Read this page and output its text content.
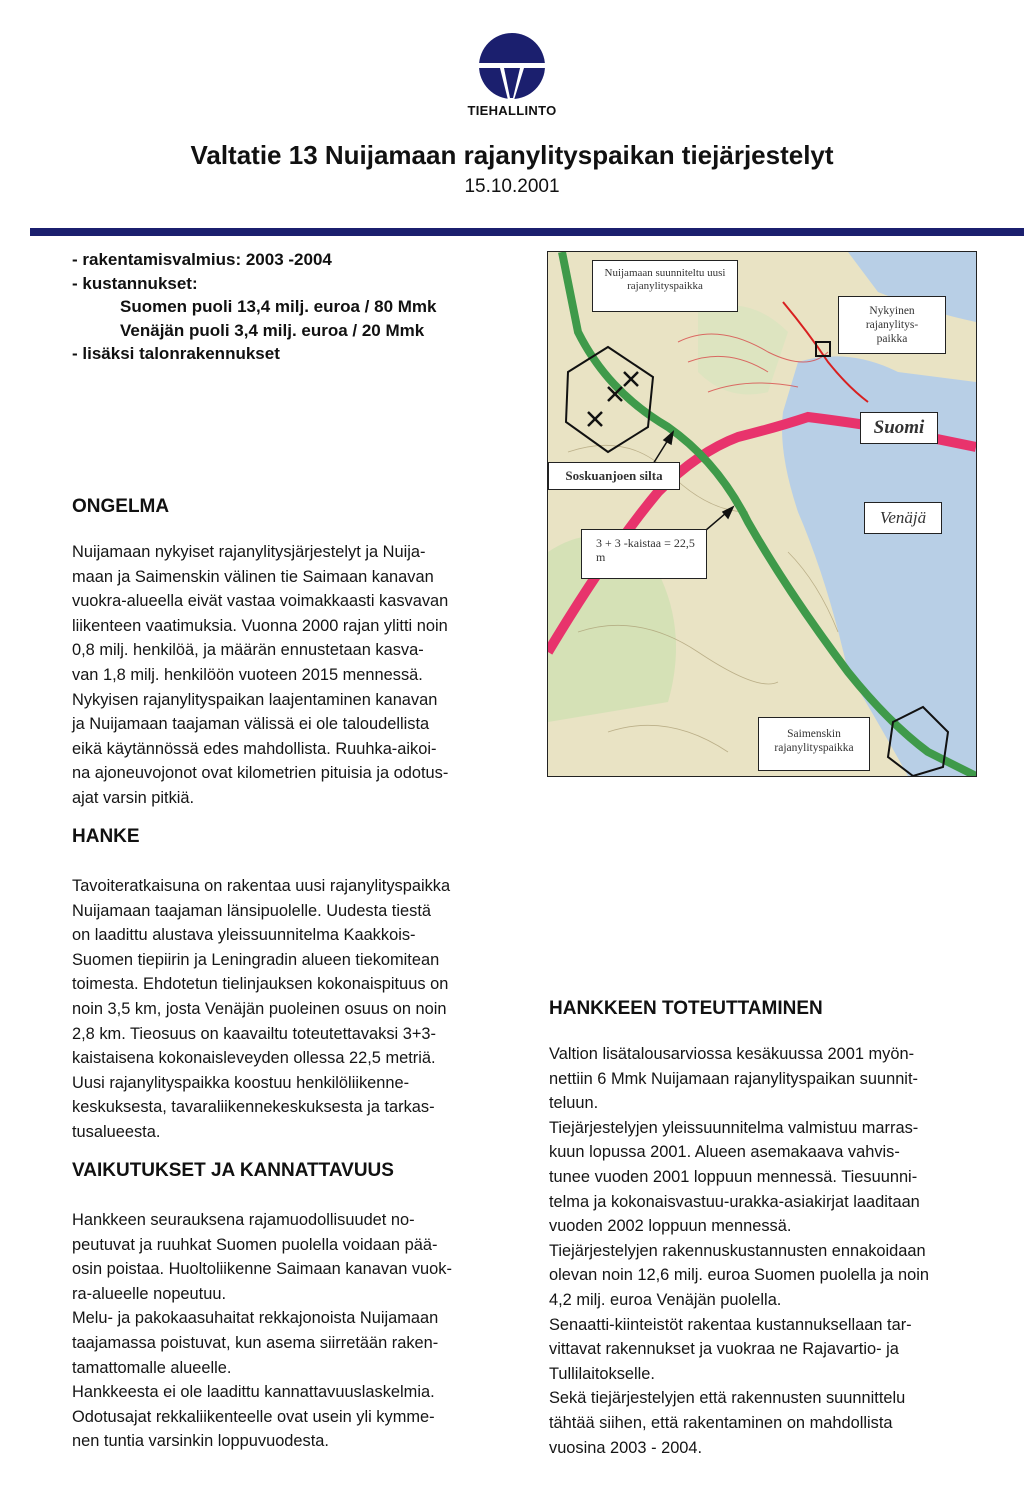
TIEHALLINTO
Valtatie 13 Nuijamaan rajanylityspaikan tiejärjestelyt
15.10.2001
- rakentamisvalmius: 2003 -2004
- kustannukset:
Suomen puoli 13,4 milj. euroa / 80 Mmk
Venäjän puoli 3,4 milj. euroa / 20 Mmk
- lisäksi talonrakennukset
Nuijamaan suunniteltu uusi rajanylityspaikka
Nykyinen rajanylitys-paikka
Suomi
Soskuanjoen silta
Venäjä
3 + 3 -kaistaa = 22,5 m
Saimenskin rajanylityspaikka
ONGELMA
Nuijamaan nykyiset rajanylitysjärjestelyt ja Nuija-
maan ja Saimenskin välinen tie Saimaan kanavan
vuokra-alueella eivät vastaa voimakkaasti kasvavan
liikenteen vaatimuksia. Vuonna 2000 rajan ylitti noin
0,8 milj. henkilöä, ja määrän ennustetaan kasva-
van 1,8 milj. henkilöön vuoteen 2015 mennessä.
Nykyisen rajanylityspaikan laajentaminen kanavan
ja Nuijamaan taajaman välissä ei ole taloudellista
eikä käytännössä edes mahdollista. Ruuhka-aikoi-
na ajoneuvojonot ovat kilometrien pituisia ja odotus-
ajat varsin pitkiä.
HANKE
Tavoiteratkaisuna on rakentaa uusi rajanylityspaikka
Nuijamaan taajaman länsipuolelle. Uudesta tiestä
on laadittu alustava yleissuunnitelma Kaakkois-
Suomen tiepiirin ja Leningradin alueen tiekomitean
toimesta. Ehdotetun tielinjauksen kokonaispituus on
noin 3,5 km, josta Venäjän puoleinen osuus on noin
2,8 km. Tieosuus on kaavailtu toteutettavaksi 3+3-
kaistaisena kokonaisleveyden ollessa 22,5 metriä.
Uusi rajanylityspaikka koostuu henkilöliikenne-
keskuksesta, tavaraliikennekeskuksesta ja tarkas-
tusalueesta.
VAIKUTUKSET JA KANNATTAVUUS
Hankkeen seurauksena rajamuodollisuudet no-
peutuvat ja ruuhkat Suomen puolella voidaan pää-
osin poistaa. Huoltoliikenne Saimaan kanavan vuok-
ra-alueelle nopeutuu.
Melu- ja pakokaasuhaitat rekkajonoista Nuijamaan
taajamassa poistuvat, kun asema siirretään raken-
tamattomalle alueelle.
Hankkeesta ei ole laadittu kannattavuuslaskelmia.
Odotusajat rekkaliikenteelle ovat usein yli kymme-
nen tuntia varsinkin loppuvuodesta.
HANKKEEN TOTEUTTAMINEN
Valtion lisätalousarviossa kesäkuussa 2001 myön-
nettiin 6 Mmk Nuijamaan rajanylityspaikan suunnit-
teluun.
Tiejärjestelyjen yleissuunnitelma valmistuu marras-
kuun lopussa 2001. Alueen asemakaava vahvis-
tunee vuoden 2001 loppuun mennessä. Tiesuunni-
telma ja kokonaisvastuu-urakka-asiakirjat laaditaan
vuoden 2002 loppuun mennessä.
Tiejärjestelyjen rakennuskustannusten ennakoidaan
olevan noin 12,6 milj. euroa Suomen puolella ja noin
4,2 milj. euroa Venäjän puolella.
Senaatti-kiinteistöt rakentaa kustannuksellaan tar-
vittavat rakennukset ja vuokraa ne Rajavartio- ja
Tullilaitokselle.
Sekä tiejärjestelyjen että rakennusten suunnittelu
tähtää siihen, että rakentaminen on mahdollista
vuosina 2003 - 2004.
